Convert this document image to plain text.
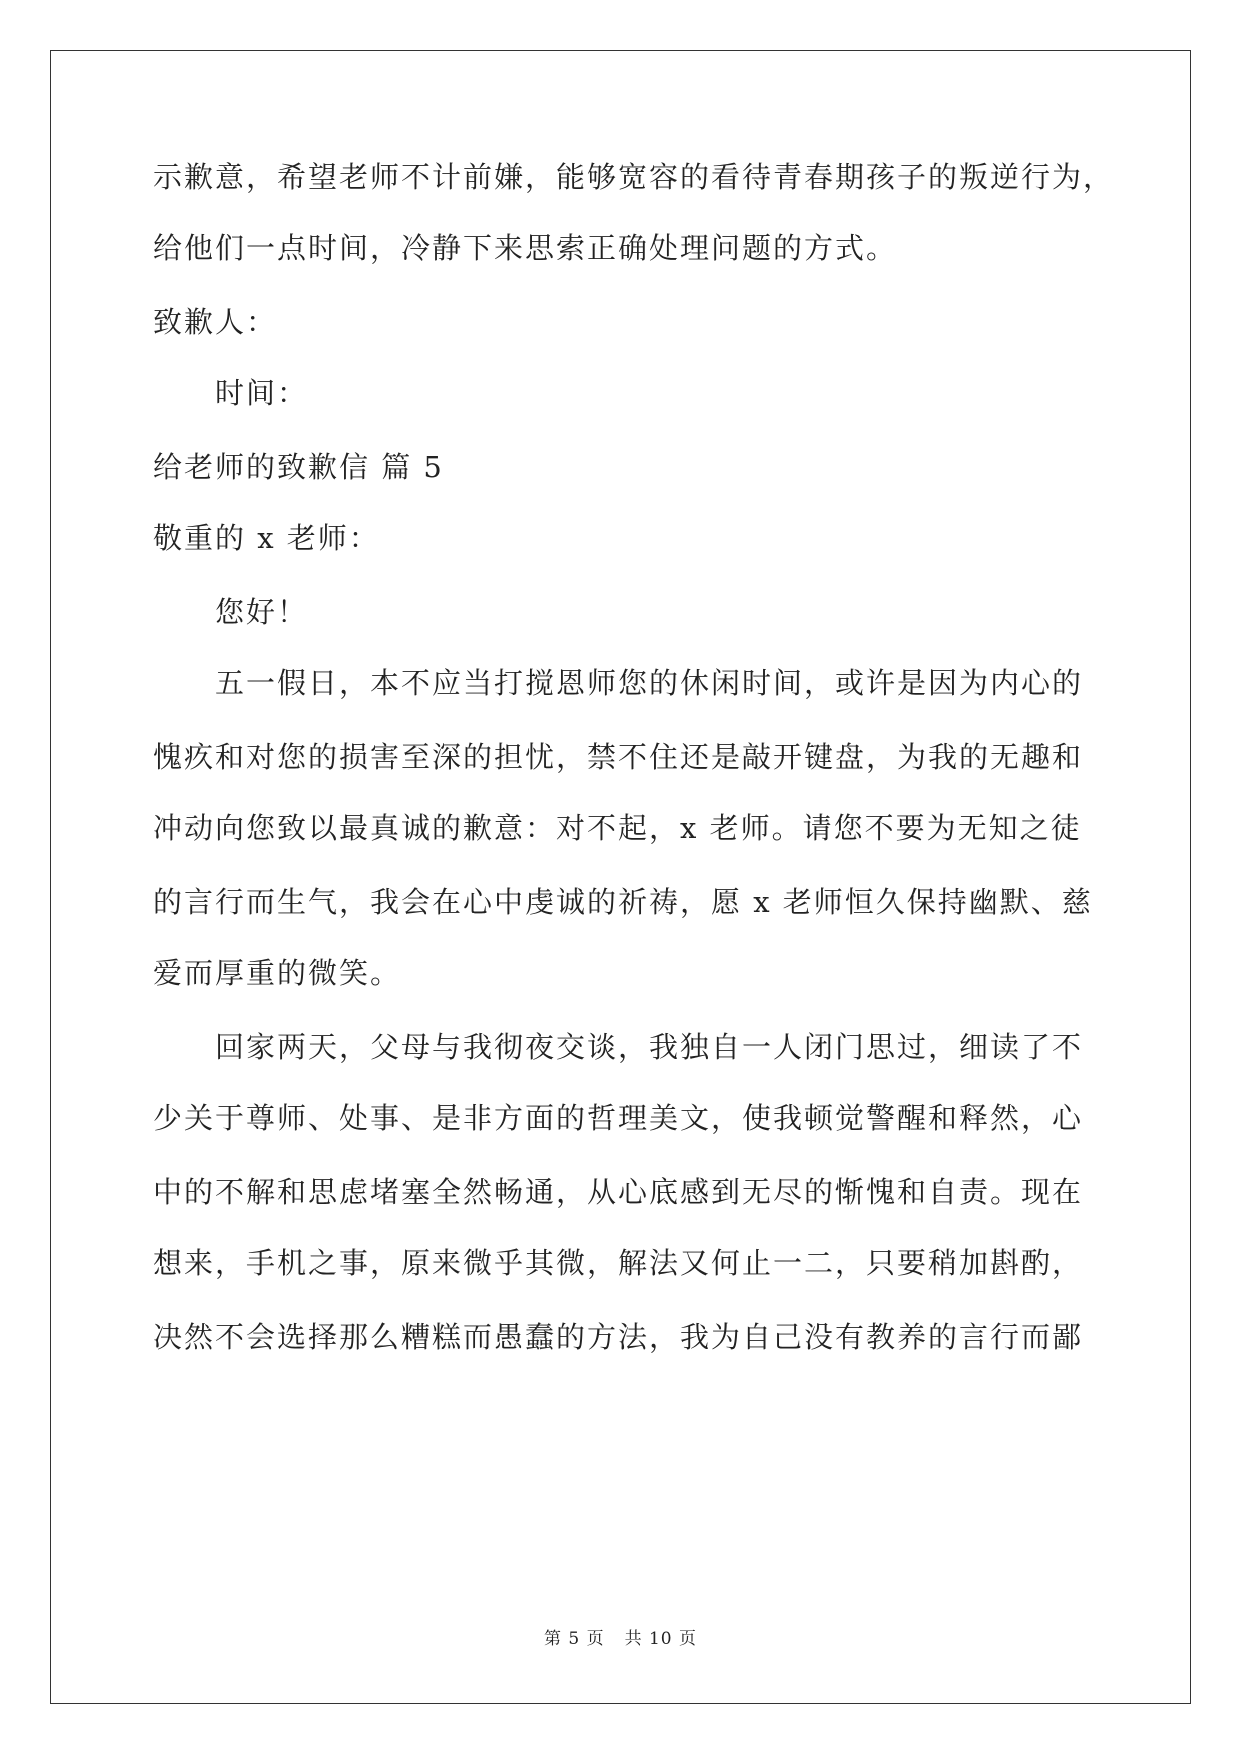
示歉意，希望老师不计前嫌，能够宽容的看待青春期孩子的叛逆行为，
给他们一点时间，冷静下来思索正确处理问题的方式。
致歉人：
时间：
给老师的致歉信 篇 5
敬重的 x 老师：
您好！
五一假日，本不应当打搅恩师您的休闲时间，或许是因为内心的
愧疚和对您的损害至深的担忧，禁不住还是敲开键盘，为我的无趣和
冲动向您致以最真诚的歉意：对不起，x 老师。请您不要为无知之徒
的言行而生气，我会在心中虔诚的祈祷，愿 x 老师恒久保持幽默、慈
爱而厚重的微笑。
回家两天，父母与我彻夜交谈，我独自一人闭门思过，细读了不
少关于尊师、处事、是非方面的哲理美文，使我顿觉警醒和释然，心
中的不解和思虑堵塞全然畅通，从心底感到无尽的惭愧和自责。现在
想来，手机之事，原来微乎其微，解法又何止一二，只要稍加斟酌，
决然不会选择那么糟糕而愚蠢的方法，我为自己没有教养的言行而鄙
第 5 页 共 10 页
